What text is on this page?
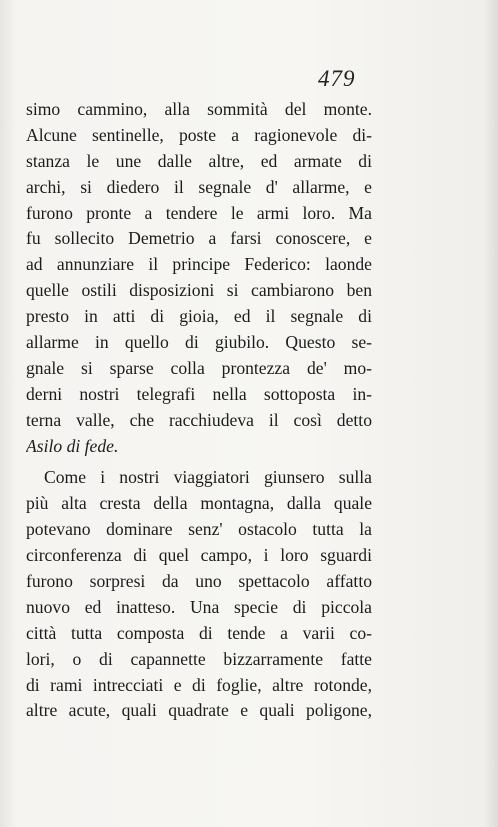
479
simo cammino, alla sommità del monte.
Alcune sentinelle, poste a ragionevole di-
stanza le une dalle altre, ed armate di
archi, si diedero il segnale d' allarme, e
furono pronte a tendere le armi loro. Ma
fu sollecito Demetrio a farsi conoscere, e
ad annunziare il principe Federico: laonde
quelle ostili disposizioni si cambiarono ben
presto in atti di gioia, ed il segnale di
allarme in quello di giubilo. Questo se-
gnale si sparse colla prontezza de' mo-
derni nostri telegrafi nella sottoposta in-
terna valle, che racchiudeva il così detto
Asilo di fede.
Come i nostri viaggiatori giunsero sulla
più alta cresta della montagna, dalla quale
potevano dominare senz' ostacolo tutta la
circonferenza di quel campo, i loro sguardi
furono sorpresi da uno spettacolo affatto
nuovo ed inatteso. Una specie di piccola
città tutta composta di tende a varii co-
lori, o di capannette bizzarramente fatte
di rami intrecciati e di foglie, altre rotonde,
altre acute, quali quadrate e quali poligone,
